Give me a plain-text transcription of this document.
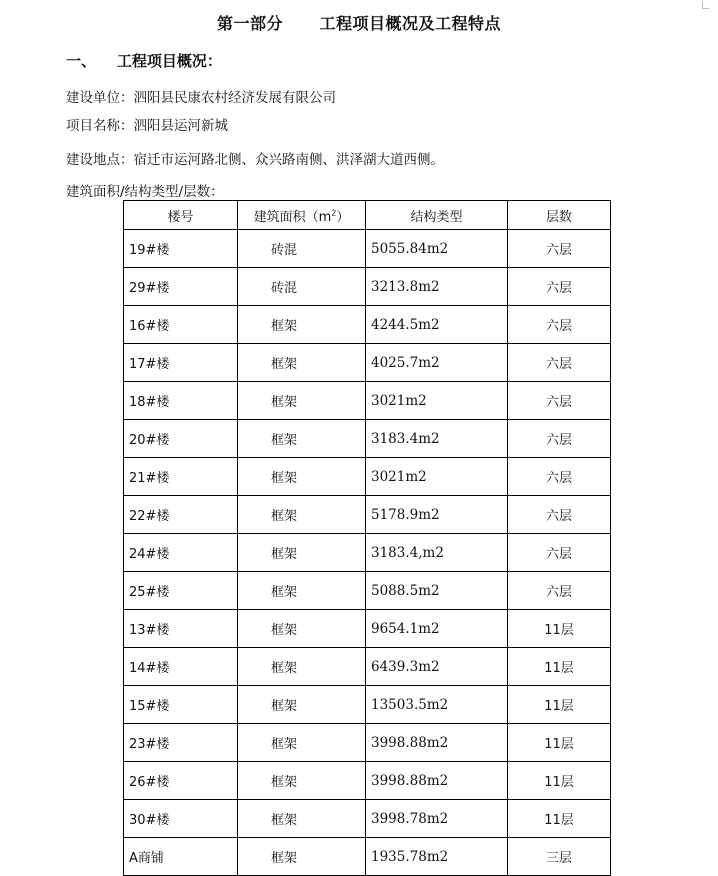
第一部分      工程项目概况及工程特点
一、    工程项目概况：
建设单位：泗阳县民康农村经济发展有限公司
项目名称：泗阳县运河新城
建设地点：宿迁市运河路北侧、众兴路南侧、洪泽湖大道西侧。
建筑面积/结构类型/层数：
楼号	建筑面积$(m^2)$	结构类型	层数
19#楼	砖混	5055.84m2	六层
29#楼	砖混	3213.8m2	六层
16#楼	框架	4244.5m2	六层
17#楼	框架	4025.7m2	六层
18#楼	框架	3021m2	六层
20#楼	框架	3183.4m2	六层
21#楼	框架	3021m2	六层
22#楼	框架	5178.9m2	六层
24#楼	框架	3183.4,m2	六层
25#楼	框架	5088.5m2	六层
13#楼	框架	9654.1m2	11层
14#楼	框架	6439.3m2	11层
15#楼	框架	13503.5m2	11层
23#楼	框架	3998.88m2	11层
26#楼	框架	3998.88m2	11层
30#楼	框架	3998.78m2	11层
A商铺	框架	1935.78m2	三层
